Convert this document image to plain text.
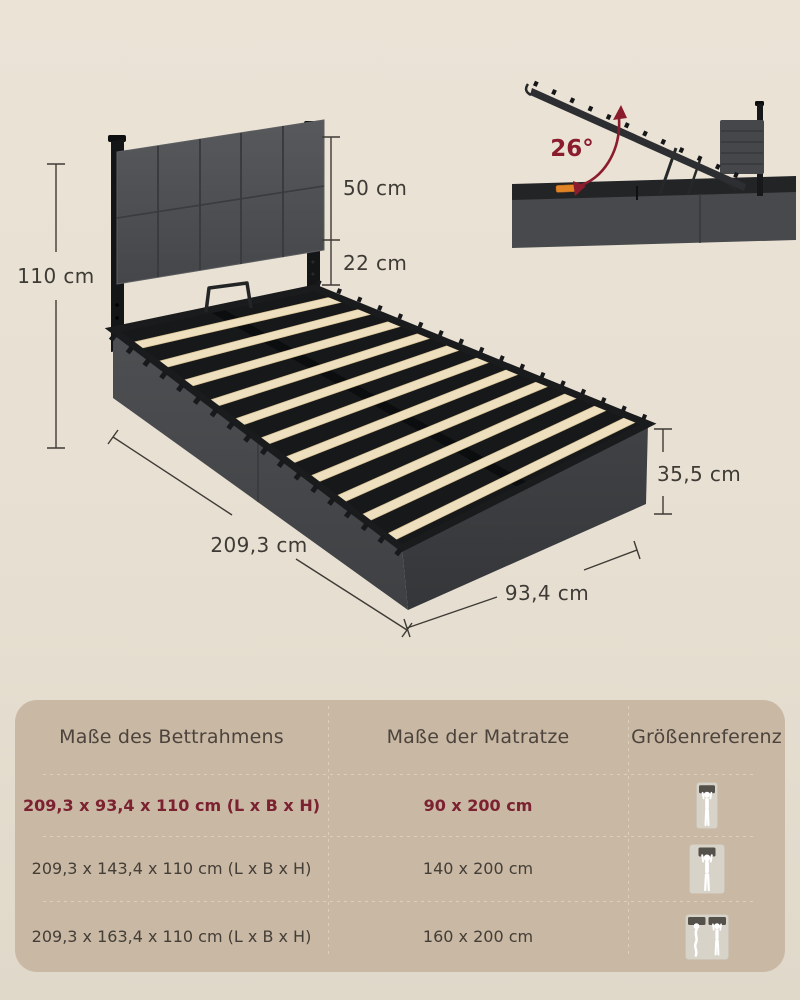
110 cm
50 cm
22 cm
35,5 cm
209,3 cm
93,4 cm
26°
Maße des Bettrahmens	Maße der Matratze	Größenreferenz
209,3 x 93,4 x 110 cm (L x B x H)	90 x 200 cm
209,3 x 143,4 x 110 cm (L x B x H)	140 x 200 cm
209,3 x 163,4 x 110 cm (L x B x H)	160 x 200 cm
